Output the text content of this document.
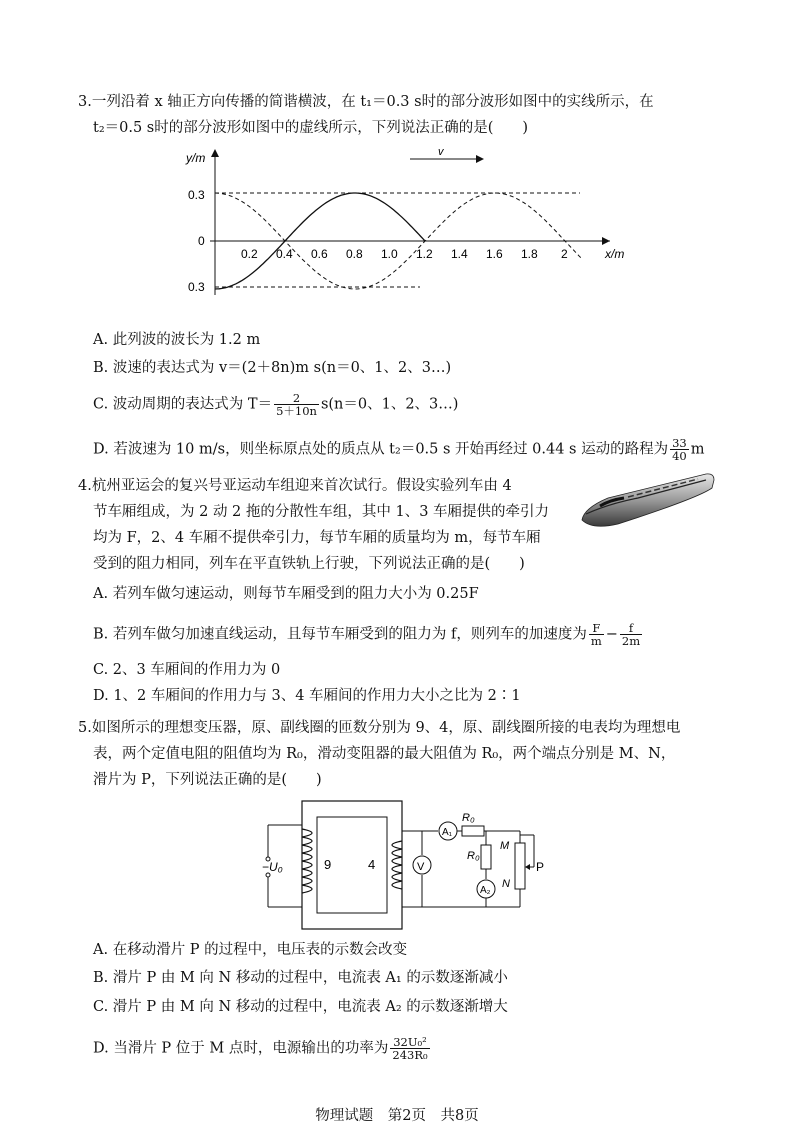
3.一列沿着 x 轴正方向传播的简谐横波，在 t₁＝0.3 s时的部分波形如图中的实线所示，在
t₂＝0.5 s时的部分波形如图中的虚线所示，下列说法正确的是(　　)
y/m
x/m
0.3
0
0.3
v
0.2 0.4 0.6 0.8 1.0 1.2 1.4 1.6 1.8 2
A. 此列波的波长为 1.2 m
B. 波速的表达式为 v＝(2＋8n)m s(n＝0、1、2、3…)
C. 波动周期的表达式为 $T= \frac{2}{5+10n} s(n=0$、1、2、3…)
D. 若波速为 10 m/s，则坐标原点处的质点从 t₂＝0.5 s 开始再经过 0.44 s 运动的路程为 $\frac{33}{40}$ m
4.杭州亚运会的复兴号亚运动车组迎来首次试行。假设实验列车由 4
节车厢组成，为 2 动 2 拖的分散性车组，其中 1、3 车厢提供的牵引力
均为 F，2、4 车厢不提供牵引力，每节车厢的质量均为 m，每节车厢
受到的阻力相同，列车在平直铁轨上行驶，下列说法正确的是(　　)
A. 若列车做匀速运动，则每节车厢受到的阻力大小为 0.25F
B. 若列车做匀加速直线运动，且每节车厢受到的阻力为 f，则列车的加速度为 $\frac{F}{m} - \frac{f}{2m}$
C. 2、3 车厢间的作用力为 0
D. 1、2 车厢间的作用力与 3、4 车厢间的作用力大小之比为 2∶1
5.如图所示的理想变压器，原、副线圈的匝数分别为 9、4，原、副线圈所接的电表均为理想电
表，两个定值电阻的阻值均为 R₀，滑动变阻器的最大阻值为 R₀，两个端点分别是 M、N，
滑片为 P，下列说法正确的是(　　)
−U₀	9	4	V
A₁
R₀
R₀
A₂
M
N
P
A. 在移动滑片 P 的过程中，电压表的示数会改变
B. 滑片 P 由 M 向 N 移动的过程中，电流表 A₁ 的示数逐渐减小
C. 滑片 P 由 M 向 N 移动的过程中，电流表 A₂ 的示数逐渐增大
D. 当滑片 P 位于 M 点时，电源输出的功率为 $\frac{\text{32U₀²}}{\text{243R₀}}$
物理试题　第2页　共8页
